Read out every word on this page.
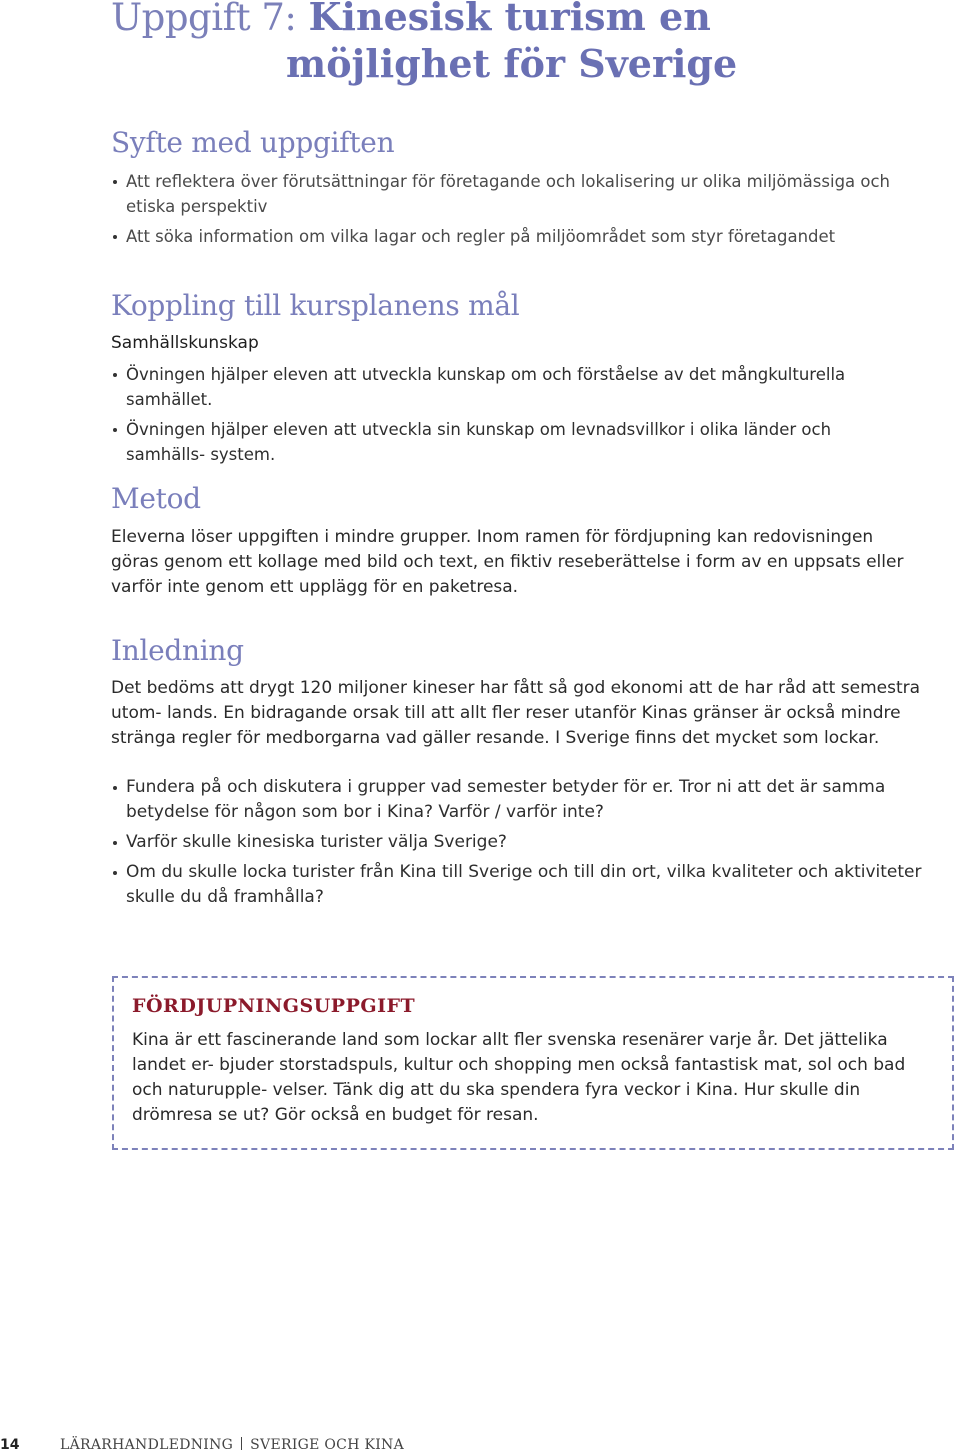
Uppgift 7: Kinesisk turism en
möjlighet för Sverige
Syfte med uppgiften
Att reflektera över förutsättningar för företagande och lokalisering ur olika miljömässiga och etiska perspektiv
Att söka information om vilka lagar och regler på miljöområdet som styr företagandet
Koppling till kursplanens mål

Samhällskunskap

Övningen hjälper eleven att utveckla kunskap om och förståelse av det mångkulturella samhället.
Övningen hjälper eleven att utveckla sin kunskap om levnadsvillkor i olika länder och samhälls- system.
Metod

Eleverna löser uppgiften i mindre grupper. Inom ramen för fördjupning kan redovisningen göras genom ett kollage med bild och text, en fiktiv reseberättelse i form av en uppsats eller varför inte genom ett upplägg för en paketresa.

Inledning

Det bedöms att drygt 120 miljoner kineser har fått så god ekonomi att de har råd att semestra utom- lands. En bidragande orsak till att allt fler reser utanför Kinas gränser är också mindre stränga regler för medborgarna vad gäller resande. I Sverige finns det mycket som lockar.

Fundera på och diskutera i grupper vad semester betyder för er. Tror ni att det är samma betydelse för någon som bor i Kina? Varför / varför inte?
Varför skulle kinesiska turister välja Sverige?
Om du skulle locka turister från Kina till Sverige och till din ort, vilka kvaliteter och aktiviteter skulle du då framhålla?
FÖRDJUPNINGSUPPGIFT

Kina är ett fascinerande land som lockar allt fler svenska resenärer varje år. Det jättelika landet er- bjuder storstadspuls, kultur och shopping men också fantastisk mat, sol och bad och naturupple- velser. Tänk dig att du ska spendera fyra veckor i Kina. Hur skulle din drömresa se ut? Gör också en budget för resan.

14	LÄRARHANDLEDNING SVERIGE OCH KINA
